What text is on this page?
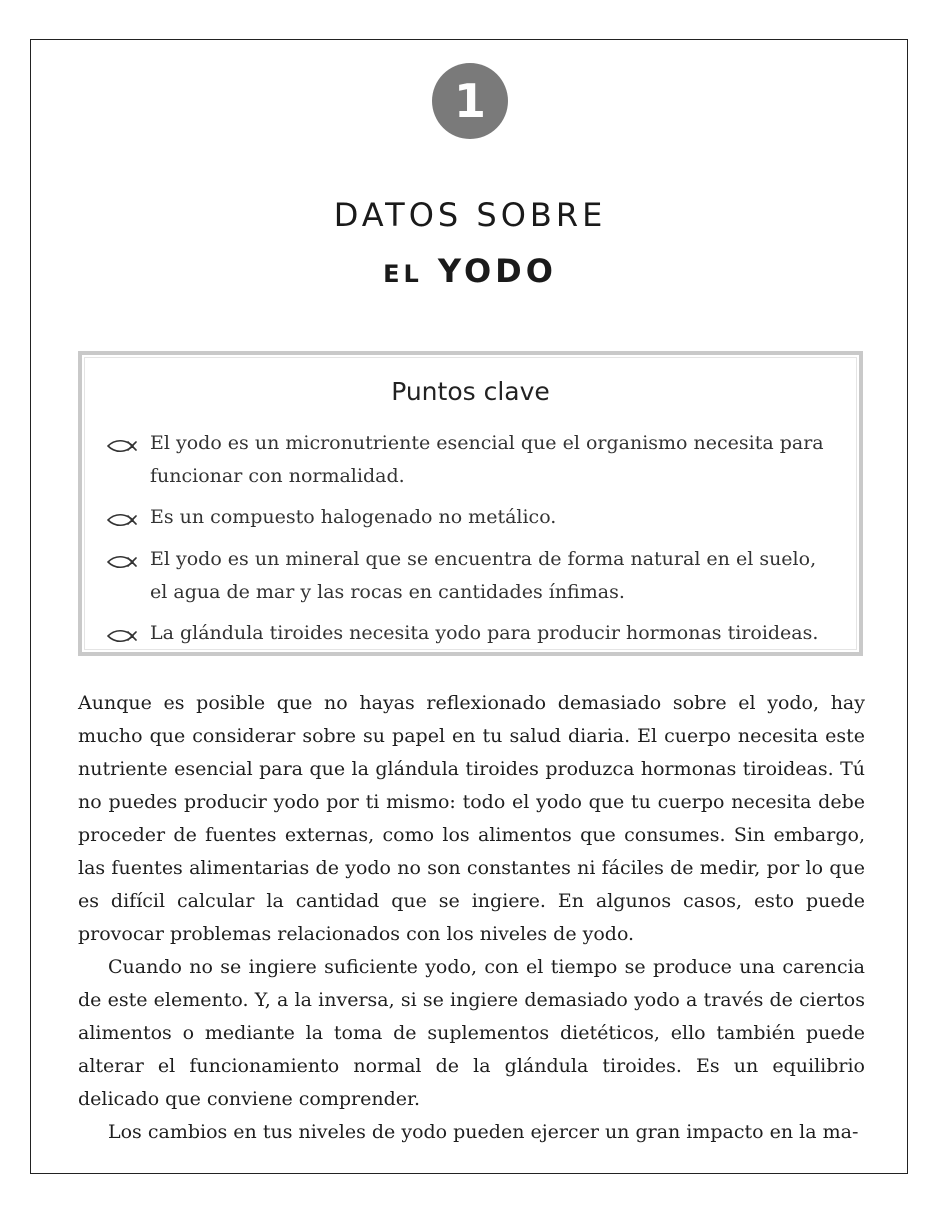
1
DATOS SOBRE
EL YODO
Puntos clave
El yodo es un micronutriente esencial que el organismo necesita para funcionar con normalidad.
Es un compuesto halogenado no metálico.
El yodo es un mineral que se encuentra de forma natural en el suelo, el agua de mar y las rocas en cantidades ínfimas.
La glándula tiroides necesita yodo para producir hormonas tiroideas.

Aunque es posible que no hayas reflexionado demasiado sobre el yodo, hay mucho que considerar sobre su papel en tu salud diaria. El cuerpo necesita este nutriente esencial para que la glándula tiroides produzca hormonas tiroideas. Tú no puedes producir yodo por ti mismo: todo el yodo que tu cuerpo necesita debe proceder de fuentes externas, como los alimentos que consumes. Sin embargo, las fuentes alimentarias de yodo no son constantes ni fáciles de medir, por lo que es difícil calcular la cantidad que se ingiere. En algunos casos, esto puede provocar problemas relacionados con los niveles de yodo.

Cuando no se ingiere suficiente yodo, con el tiempo se produce una carencia de este elemento. Y, a la inversa, si se ingiere demasiado yodo a través de ciertos alimentos o mediante la toma de suplementos dietéticos, ello también puede alterar el funcionamiento normal de la glándula tiroides. Es un equilibrio delicado que conviene comprender.

Los cambios en tus niveles de yodo pueden ejercer un gran impacto en la ma-
